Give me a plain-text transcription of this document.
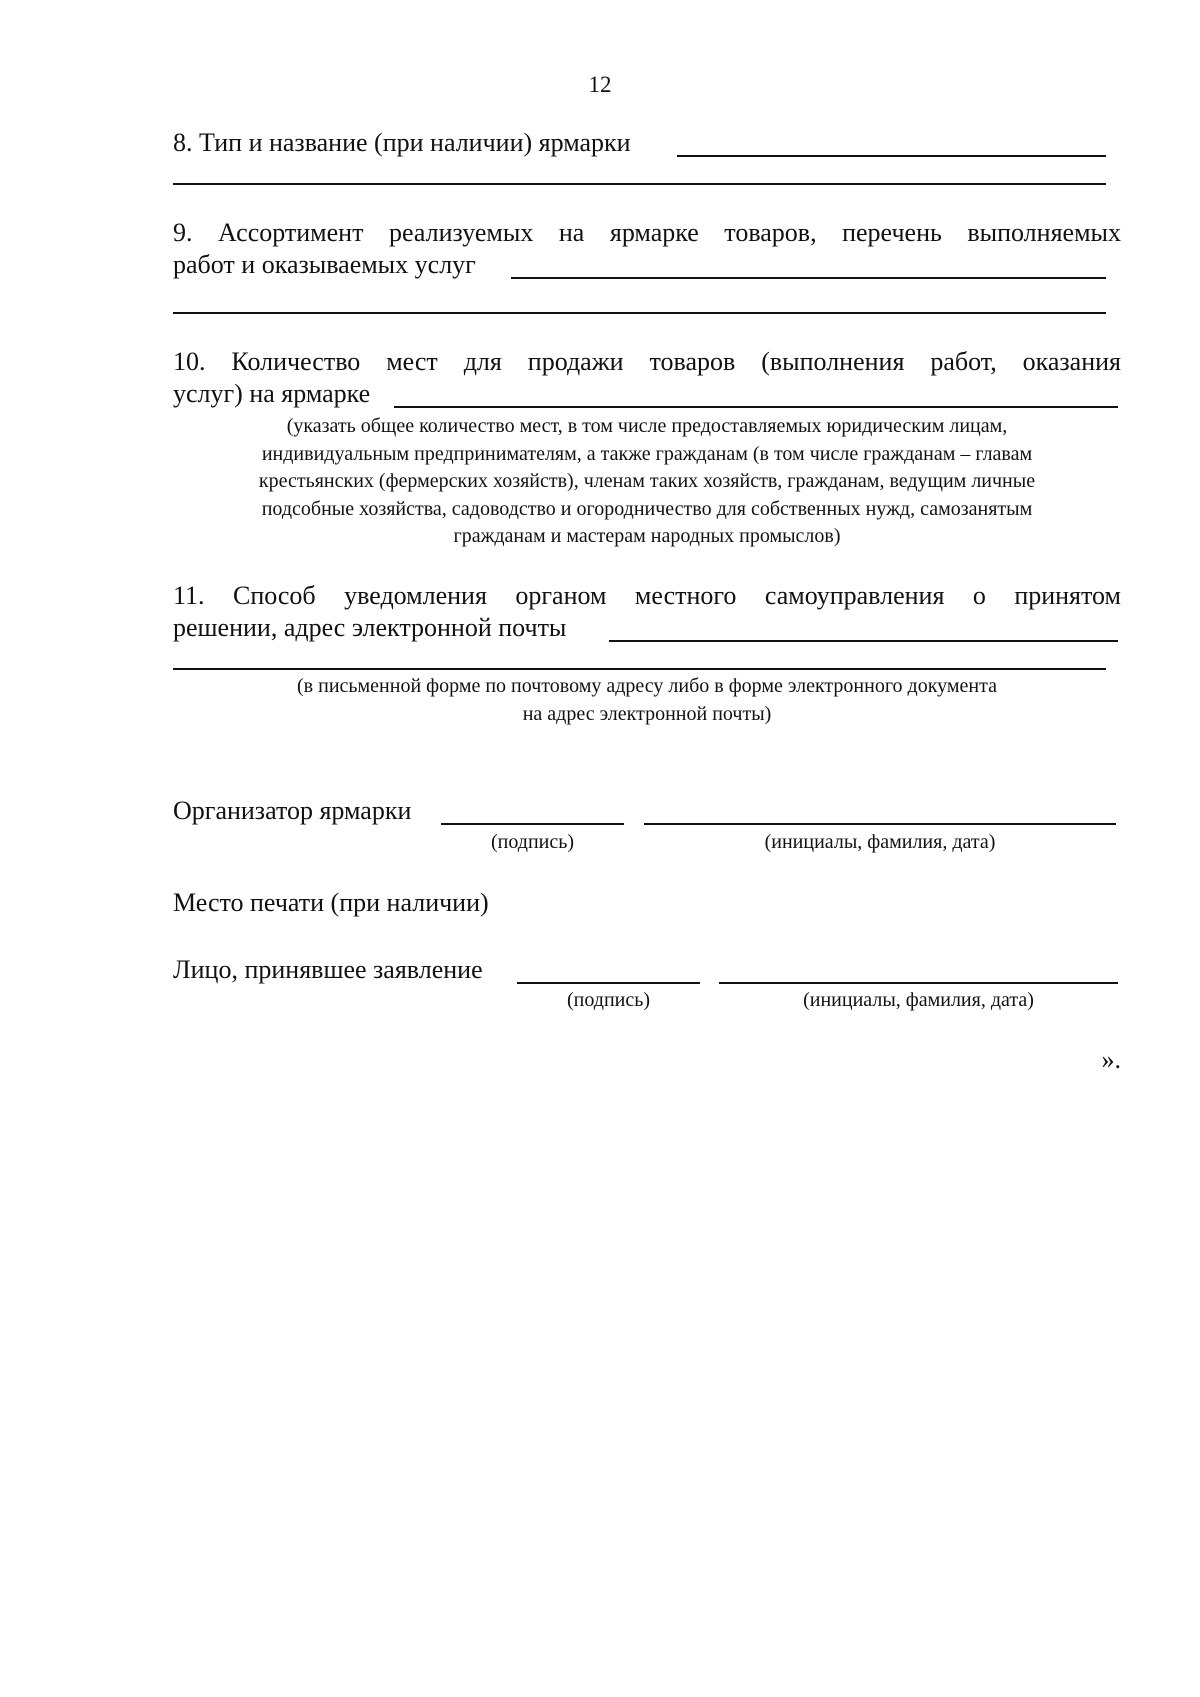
12
8. Тип и название (при наличии) ярмарки
9. Ассортимент реализуемых на ярмарке товаров, перечень выполняемых
работ и оказываемых услуг
10. Количество мест для продажи товаров (выполнения работ, оказания
услуг) на ярмарке
(указать общее количество мест, в том числе предоставляемых юридическим лицам,
индивидуальным предпринимателям, а также гражданам (в том числе гражданам – главам
крестьянских (фермерских хозяйств), членам таких хозяйств, гражданам, ведущим личные
подсобные хозяйства, садоводство и огородничество для собственных нужд, самозанятым
гражданам и мастерам народных промыслов)
11. Способ уведомления органом местного самоуправления о принятом
решении, адрес электронной почты
(в письменной форме по почтовому адресу либо в форме электронного документа
на адрес электронной почты)
Организатор ярмарки
(подпись)	(инициалы, фамилия, дата)
Место печати (при наличии)
Лицо, принявшее заявление
(подпись)	(инициалы, фамилия, дата)
».
